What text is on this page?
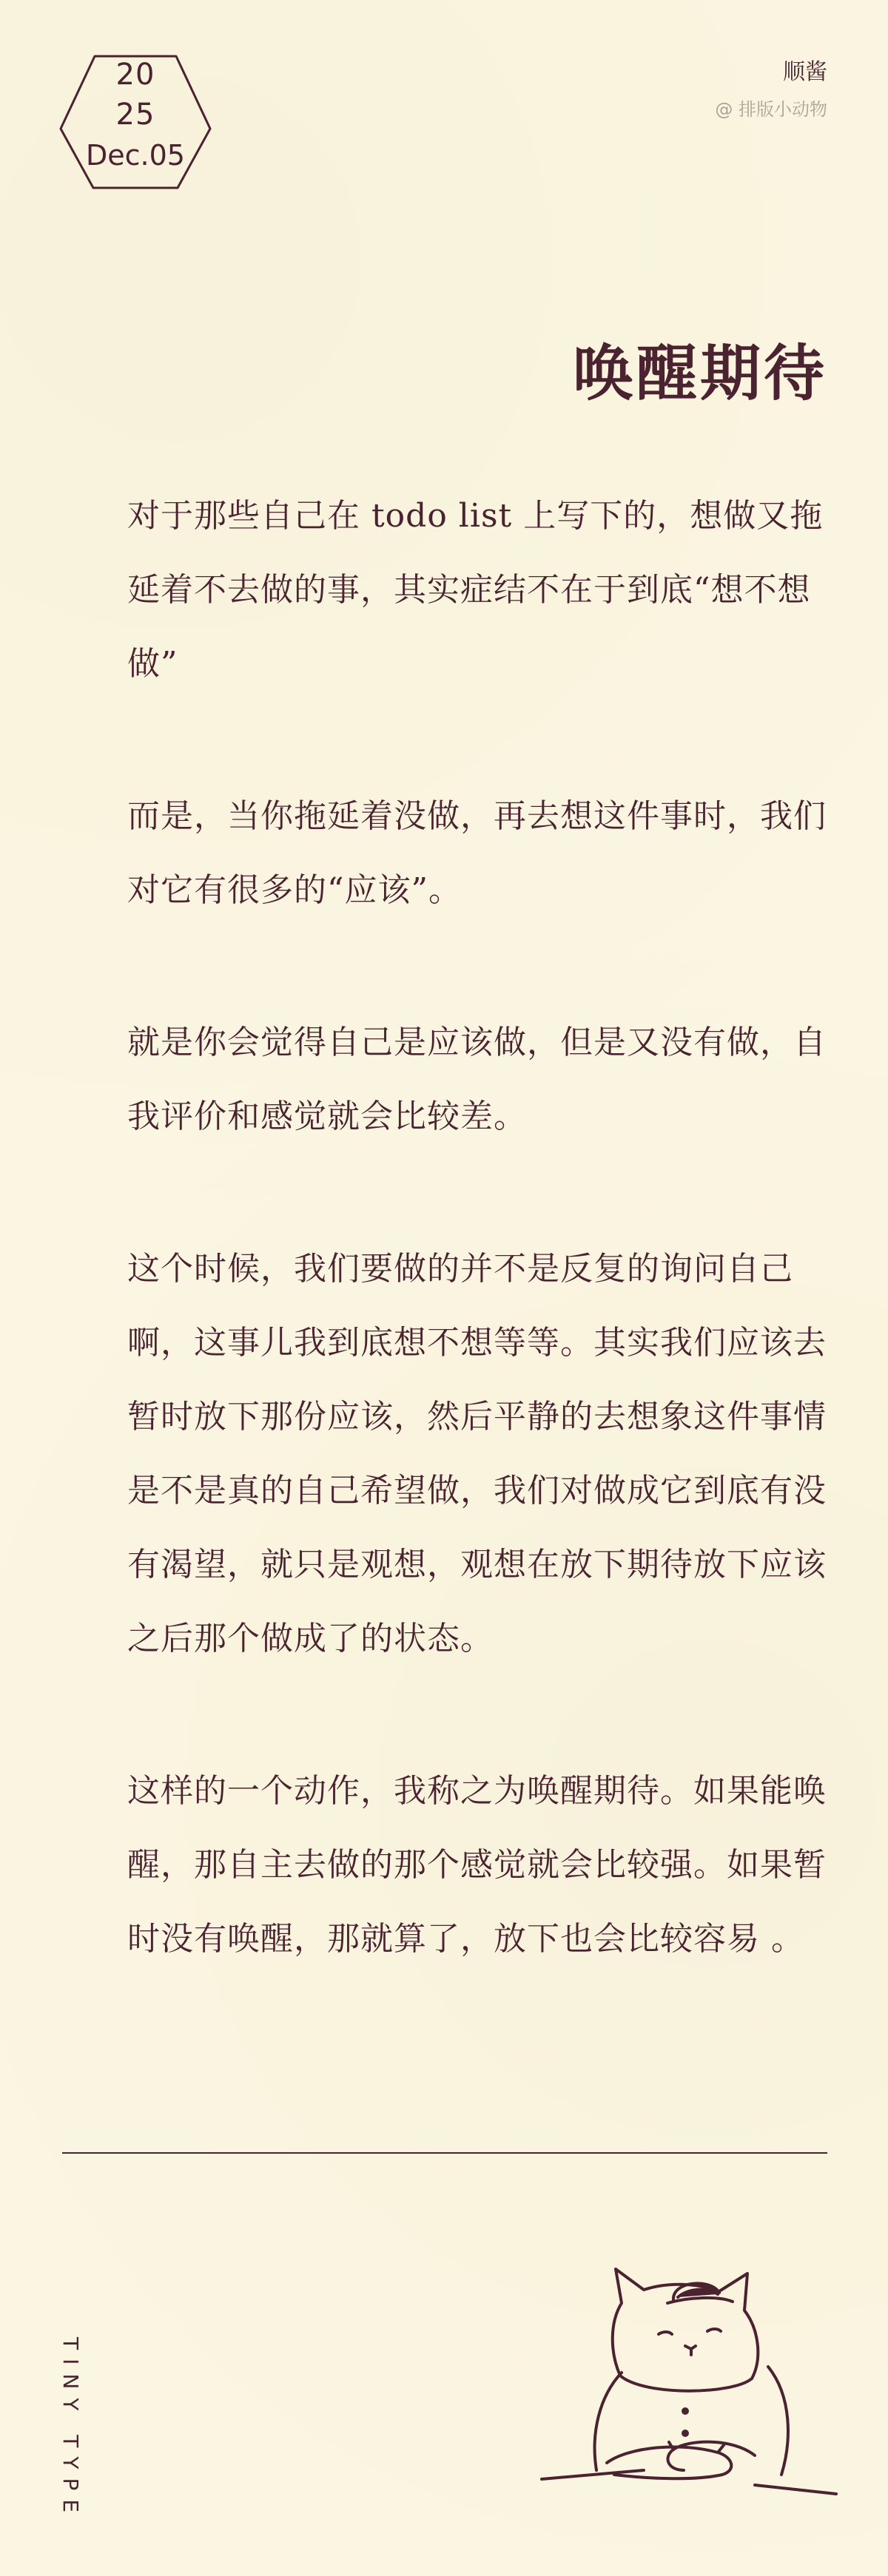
20
25
Dec.05
顺酱
@ 排版小动物
唤醒期待

对于那些自己在 todo list 上写下的，想做又拖延着不去做的事，其实症结不在于到底“想不想做”

而是，当你拖延着没做，再去想这件事时，我们对它有很多的“应该”。

就是你会觉得自己是应该做，但是又没有做，自我评价和感觉就会比较差。

这个时候，我们要做的并不是反复的询问自己啊，这事儿我到底想不想等等。其实我们应该去暂时放下那份应该，然后平静的去想象这件事情是不是真的自己希望做，我们对做成它到底有没有渴望，就只是观想，观想在放下期待放下应该之后那个做成了的状态。

这样的一个动作，我称之为唤醒期待。如果能唤醒，那自主去做的那个感觉就会比较强。如果暂时没有唤醒，那就算了，放下也会比较容易 。

TINY TYPE
